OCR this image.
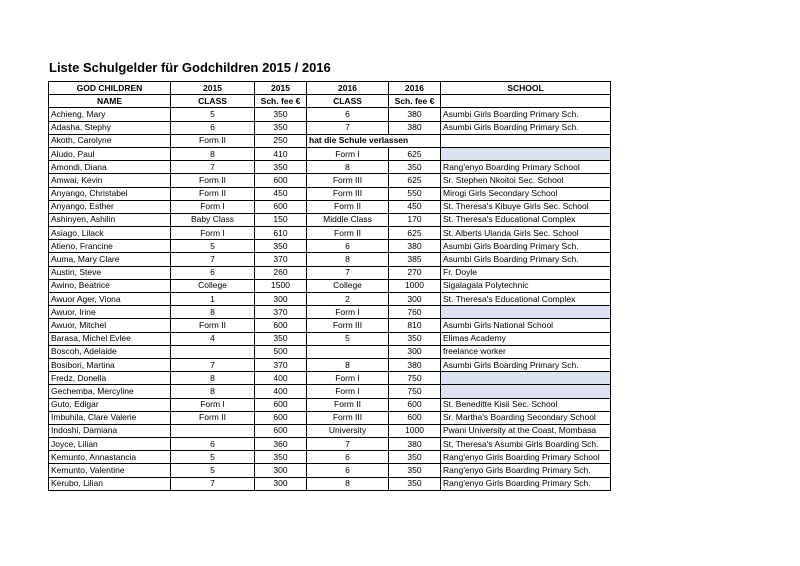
Liste Schulgelder für Godchildren 2015 / 2016
GOD CHILDREN	2015	2015	2016	2016	SCHOOL
NAME	CLASS	Sch. fee €	CLASS	Sch. fee €	
Achieng, Mary	5	350	6	380	Asumbi Girls Boarding Primary Sch.
Adasha, Stephy	6	350	7	380	Asumbi Girls Boarding Primary Sch.
Akoth, Carolyne	Form II	250	hat die Schule verlassen		
Aludo, Paul	8	410	Form I	625	
Amondi, Diana	7	350	8	350	Rang'enyo Boarding Primary School
Amwai, Kevin	Form II	600	Form III	625	Sr. Stephen Nkoitoi Sec. School
Anyango, Christabel	Form II	450	Form III	550	Mirogi Girls Secondary School
Anyango, Esther	Form I	600	Form II	450	St. Theresa's Kibuye Girls Sec. School
Ashinyen, Ashilin	Baby Class	150	Middle Class	170	St. Theresa's Educational Complex
Asiago, Lilack	Form I	610	Form II	625	St. Alberts Ulanda Girls Sec. School
Atieno, Francine	5	350	6	380	Asumbi Girls Boarding Primary Sch.
Auma, Mary Clare	7	370	8	385	Asumbi Girls Boarding Primary Sch.
Austin, Steve	6	260	7	270	Fr. Doyle
Awino, Beatrice	College	1500	College	1000	Sigalagala Polytechnic
Awuor Ager, Viona	1	300	2	300	St. Theresa's Educational Complex
Awuor, Irine	8	370	Form I	760	
Awuor, Mitchel	Form II	600	Form III	810	Asumbi Girls National School
Barasa, Michel Evlee	4	350	5	350	Elimas Academy
Boscoh, Adelaide		500		300	freelance worker
Bosibori, Martina	7	370	8	380	Asumbi Girls Boarding Primary Sch.
Fredz, Donella	8	400	Form I	750	
Gechemba, Mercyline	8	400	Form I	750	
Guto, Edigar	Form I	600	Form II	600	St. Beneditte Kisii Sec. School
Imbuhila, Clare Valerie	Form II	600	Form III	600	Sr. Martha's Boarding Secondary School
Indoshi, Damiana		600	University	1000	Pwani University at the Coast, Mombasa
Joyce, Lilian	6	360	7	380	St, Theresa's Asumbi Girls Boarding Sch.
Kemunto, Annastancia	5	350	6	350	Rang'enyo Girls Boarding Primary School
Kemunto, Valentine	5	300	6	350	Rang'enyo Girls Boarding Primary Sch.
Kerubo, Lilian	7	300	8	350	Rang'enyo Girls Boarding Primary Sch.
